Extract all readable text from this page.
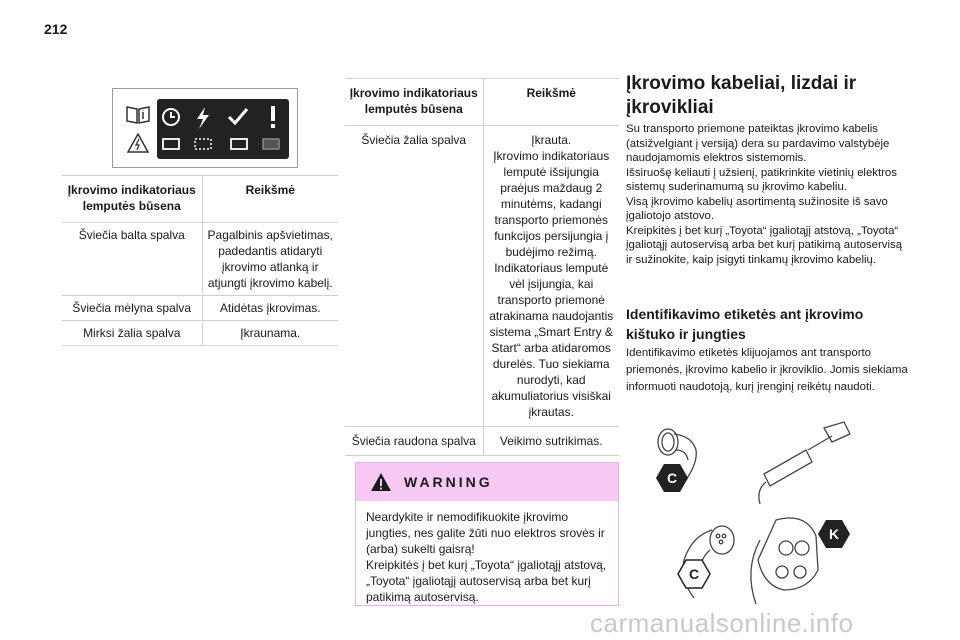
212
Įkrovimo indikatoriaus lemputės būsena	Reikšmė
Šviečia balta spalva	Pagalbinis apšvietimas, padedantis atidaryti įkrovimo atlanką ir atjungti įkrovimo kabelį.
Šviečia mėlyna spalva	Atidėtas įkrovimas.
Mirksi žalia spalva	Įkraunama.
Įkrovimo indikatoriaus lemputės būsena	Reikšmė
Šviečia žalia spalva	Įkrauta.
Įkrovimo indikatoriaus lemputė išsijungia praėjus maždaug 2 minutėms, kadangi transporto priemonės funkcijos persijungia į budėjimo režimą.
Indikatoriaus lemputė vėl įsijungia, kai transporto priemonė atrakinama naudojantis sistema „Smart Entry & Start“ arba atidaromos durelės. Tuo siekiama nurodyti, kad akumuliatorius visiškai įkrautas.
Šviečia raudona spalva	Veikimo sutrikimas.
WARNING
Neardykite ir nemodifikuokite įkrovimo jungties, nes galite žūti nuo elektros srovės ir (arba) sukelti gaisrą!
Kreipkitės į bet kurį „Toyota“ įgaliotąjį atstovą, „Toyota“ įgaliotąjį autoservisą arba bet kurį patikimą autoservisą.
Įkrovimo kabeliai, lizdai ir įkrovikliai
Su transporto priemone pateiktas įkrovimo kabelis (atsižvelgiant į versiją) dera su pardavimo valstybėje naudojamomis elektros sistemomis.
Išsiruošę keliauti į užsienį, patikrinkite vietinių elektros sistemų suderinamumą su įkrovimo kabeliu.
Visą įkrovimo kabelių asortimentą sužinosite iš savo įgaliotojo atstovo.
Kreipkitės į bet kurį „Toyota“ įgaliotąjį atstovą, „Toyota“ įgaliotąjį autoservisą arba bet kurį patikimą autoservisą ir sužinokite, kaip įsigyti tinkamų įkrovimo kabelių.
Identifikavimo etiketės ant įkrovimo kištuko ir jungties
Identifikavimo etiketės klijuojamos ant transporto priemonės, įkrovimo kabelio ir įkroviklio. Jomis siekiama informuoti naudotoją, kurį įrenginį reikėtų naudoti.
C
C
K
carmanualsonline.info
